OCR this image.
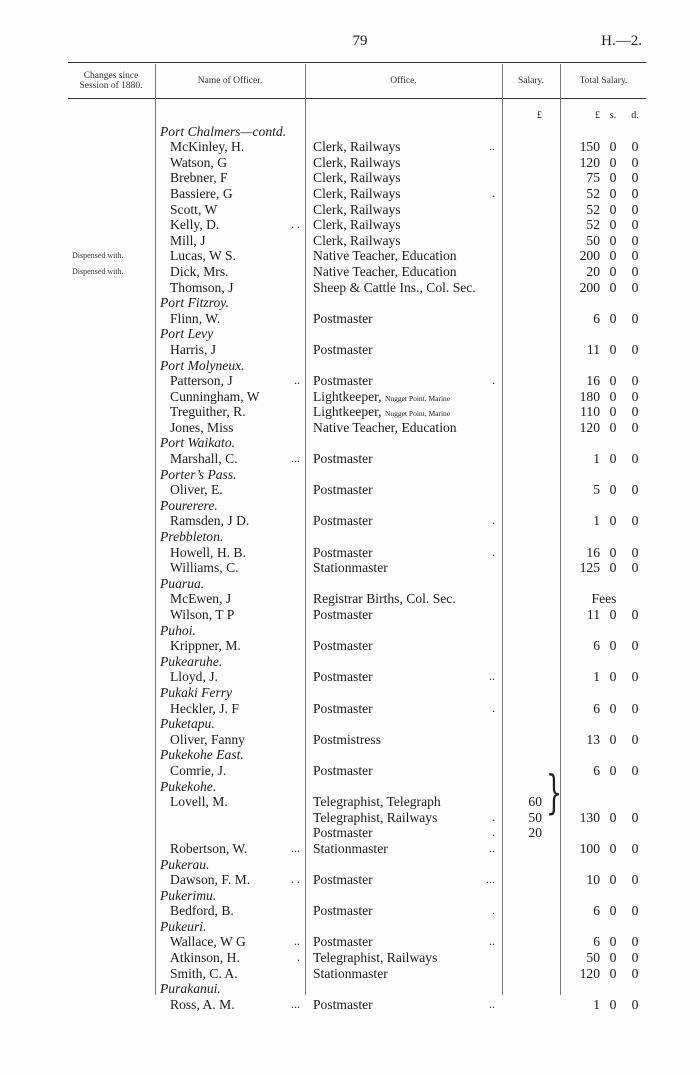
79	H.—2.
Changes since Session of 1880.	Name of Officer.	Office.	Salary.	Total Salary.
£	£ s.	d.
Port Chalmers—contd.
McKinley, H.	Clerk, Railways	..	150 0 0
Watson, G	Clerk, Railways	120 0 0
Brebner, F	Clerk, Railways	75 0 0
Bassiere, G	Clerk, Railways	.	52 0 0
Scott, W	Clerk, Railways	52 0 0
Kelly, D.	. . Clerk, Railways	52 0 0
Mill, J	Clerk, Railways	50 0 0
Dispensed with.	Lucas, W S.	Native Teacher, Education	200 0 0
Dispensed with.	Dick, Mrs.	Native Teacher, Education	20 0 0
Thomson, J	Sheep & Cattle Ins., Col. Sec.	200 0 0
Port Fitzroy.
Flinn, W.	Postmaster	6 0 0
Port Levy
Harris, J	Postmaster	11 0 0
Port Molyneux.
Patterson, J	.. Postmaster	.	16 0 0
Cunningham, W	Lightkeeper, Nugget Point, Marine	180 0 0
Treguither, R.	Lightkeeper, Nugget Point, Marine	110 0 0
Jones, Miss	Native Teacher, Education	120 0 0
Port Waikato.
Marshall, C.	... Postmaster	1 0 0
Porter’s Pass.
Oliver, E.	Postmaster	5 0 0
Pourerere.
Ramsden, J D.	Postmaster	.	1 0 0
Prebbleton.
Howell, H. B.	Postmaster	.	16 0 0
Williams, C.	Stationmaster	125 0 0
Puarua.
McEwen, J	Registrar Births, Col. Sec.	Fees
Wilson, T P	Postmaster	11 0 0
Puhoi.
Krippner, M.	Postmaster	6 0 0
Pukearuhe.
Lloyd, J.	Postmaster	..	1 0 0
Pukaki Ferry
Heckler, J. F	Postmaster	.	6 0 0
Puketapu.
Oliver, Fanny	Postmistress	13 0 0
Pukekohe East.
Comrie, J.	Postmaster	6 0 0
Pukekohe.
Lovell, M.	Telegraphist, Telegraph	60
Telegraphist, Railways	.	50	130 0 0
Postmaster	.	20
Robertson, W.	... Stationmaster	..	100 0 0
Pukerau.
Dawson, F. M.	. . Postmaster	...	10 0 0
Pukerimu.
Bedford, B.	Postmaster	.	6 0 0
Pukeuri.
Wallace, W G	.. Postmaster	..	6 0 0
Atkinson, H.	. Telegraphist, Railways	50 0 0
Smith, C. A.	Stationmaster	120 0 0
Purakanui.
Ross, A. M.	... Postmaster	..	1 0 0
}
